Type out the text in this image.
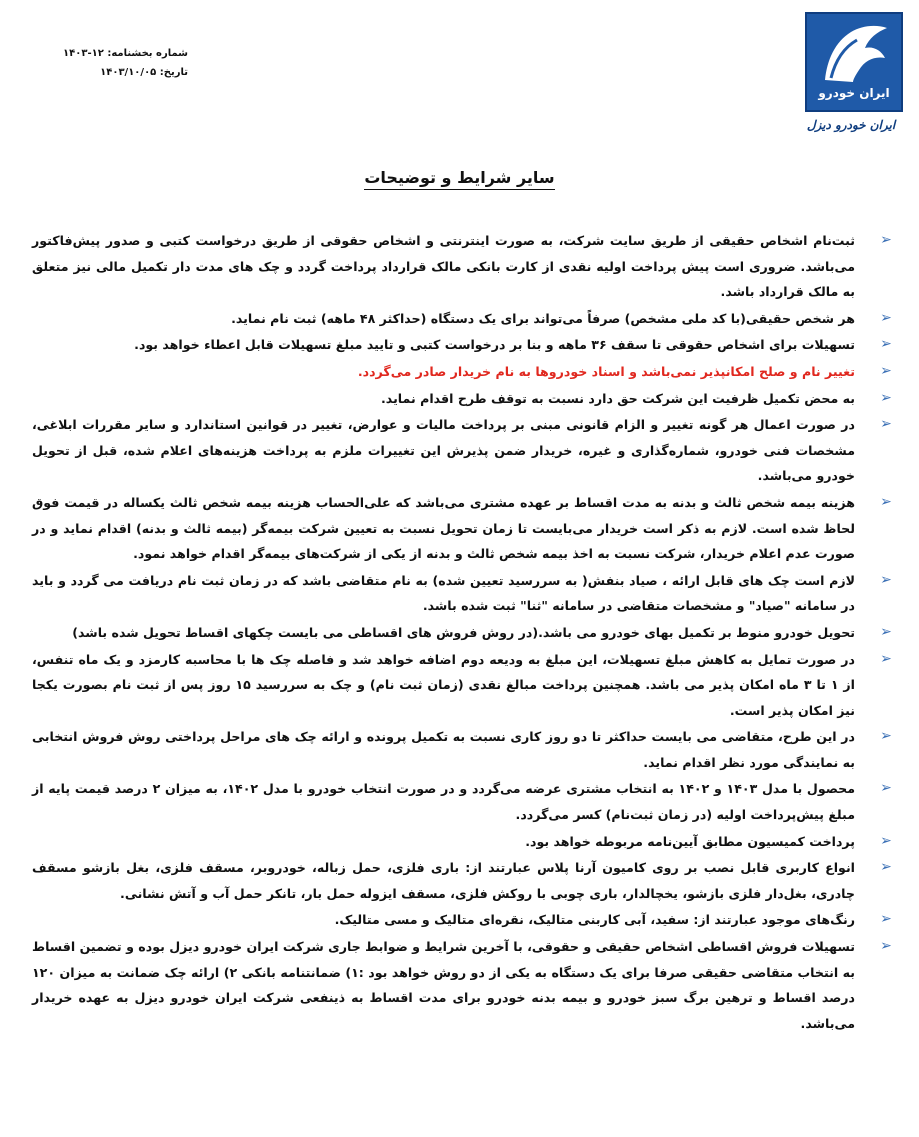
شماره بخشنامه: ۱۲-۱۴۰۳
تاریخ: ۱۴۰۳/۱۰/۰۵
ایران خودرو
ایران خودرو دیزل
سایر شرایط و توضیحات
➢
ثبت‌نام اشخاص حقیقی از طریق سایت شرکت، به صورت اینترنتی و اشخاص حقوقی از طریق درخواست کتبی و صدور پیش‌فاکتور می‌باشد. ضروری است پیش پرداخت اولیه نقدی از کارت بانکی مالک قرارداد پرداخت گردد و چک های مدت دار تکمیل مالی نیز متعلق به مالک قرارداد باشد.
➢
هر شخص حقیقی(با کد ملی مشخص) صرفاً می‌تواند برای یک دستگاه (حداکثر ۴۸ ماهه) ثبت نام نماید.
➢
تسهیلات برای اشخاص حقوقی تا سقف ۳۶ ماهه و بنا بر درخواست کتبی و تایید مبلغ تسهیلات قابل اعطاء خواهد بود.
➢
تغییر نام و صلح امکانپذیر نمی‌باشد و اسناد خودروها به نام خریدار صادر می‌گردد.
➢
به محض تکمیل ظرفیت این شرکت حق دارد نسبت به توقف طرح اقدام نماید.
➢
در صورت اعمال هر گونه تغییر و الزام قانونی مبنی بر پرداخت مالیات و عوارض، تغییر در قوانین استاندارد و سایر مقررات ابلاغی، مشخصات فنی خودرو، شماره‌گذاری و غیره، خریدار ضمن پذیرش این تغییرات ملزم به پرداخت هزینه‌های اعلام شده، قبل از تحویل خودرو می‌باشد.
➢
هزینه بیمه شخص ثالث و بدنه به مدت اقساط بر عهده مشتری می‌باشد که علی‌الحساب هزینه بیمه شخص ثالث یکساله در قیمت فوق لحاظ شده است. لازم به ذکر است خریدار می‌بایست تا زمان تحویل نسبت به تعیین شرکت بیمه‌گر (بیمه ثالث و بدنه) اقدام نماید و در صورت عدم اعلام خریدار، شرکت نسبت به اخذ بیمه شخص ثالث و بدنه از یکی از شرکت‌های بیمه‌گر اقدام خواهد نمود.
➢
لازم است چک های قابل ارائه ، صیاد بنفش( به سررسید تعیین شده) به نام متقاضی باشد که در زمان ثبت نام دریافت می گردد و باید در سامانه "صیاد" و مشخصات متقاضی در سامانه "ثنا" ثبت شده باشد.
➢
تحویل خودرو منوط بر تکمیل بهای خودرو می باشد.(در روش فروش های اقساطی می بایست چکهای اقساط تحویل شده باشد)
➢
در صورت تمایل به کاهش مبلغ تسهیلات، این مبلغ به ودیعه دوم اضافه خواهد شد و فاصله چک ها با محاسبه کارمزد و یک ماه تنفس، از ۱ تا ۳ ماه امکان پذیر می باشد. همچنین پرداخت مبالغ نقدی (زمان ثبت نام) و چک به سررسید ۱۵ روز پس از ثبت نام بصورت یکجا نیز امکان پذیر است.
➢
در این طرح، متقاضی می بایست حداکثر تا دو روز کاری نسبت به تکمیل پرونده و ارائه چک های مراحل پرداختی روش فروش انتخابی به نمایندگی مورد نظر اقدام نماید.
➢
محصول با مدل ۱۴۰۳ و ۱۴۰۲ به انتخاب مشتری عرضه می‌گردد و در صورت انتخاب خودرو با مدل ۱۴۰۲، به میزان ۲ درصد قیمت پایه از مبلغ پیش‌پرداخت اولیه (در زمان ثبت‌نام) کسر می‌گردد.
➢
پرداخت کمیسیون مطابق آیین‌نامه مربوطه خواهد بود.
➢
انواع کاربری قابل نصب بر روی کامیون آرنا پلاس عبارتند از: باری فلزی، حمل زباله، خودروبر، مسقف فلزی، بغل بازشو مسقف چادری، بغل‌دار فلزی بازشو، یخچالدار، باری چوبی با روکش فلزی، مسقف ایزوله حمل بار، تانکر حمل آب و آتش نشانی.
➢
رنگ‌های موجود عبارتند از: سفید، آبی کاربنی متالیک، نقره‌ای متالیک و مسی متالیک.
➢
تسهیلات فروش اقساطی اشخاص حقیقی و حقوقی، با آخرین شرایط و ضوابط جاری شرکت ایران خودرو دیزل بوده و تضمین اقساط به انتخاب متقاضی حقیقی صرفا برای یک دستگاه به یکی از دو روش خواهد بود :۱) ضمانتنامه بانکی ۲) ارائه چک ضمانت به میزان ۱۲۰ درصد اقساط و ترهین برگ سبز خودرو و بیمه بدنه خودرو برای مدت اقساط به ذینفعی شرکت ایران خودرو دیزل به عهده خریدار می‌باشد.
